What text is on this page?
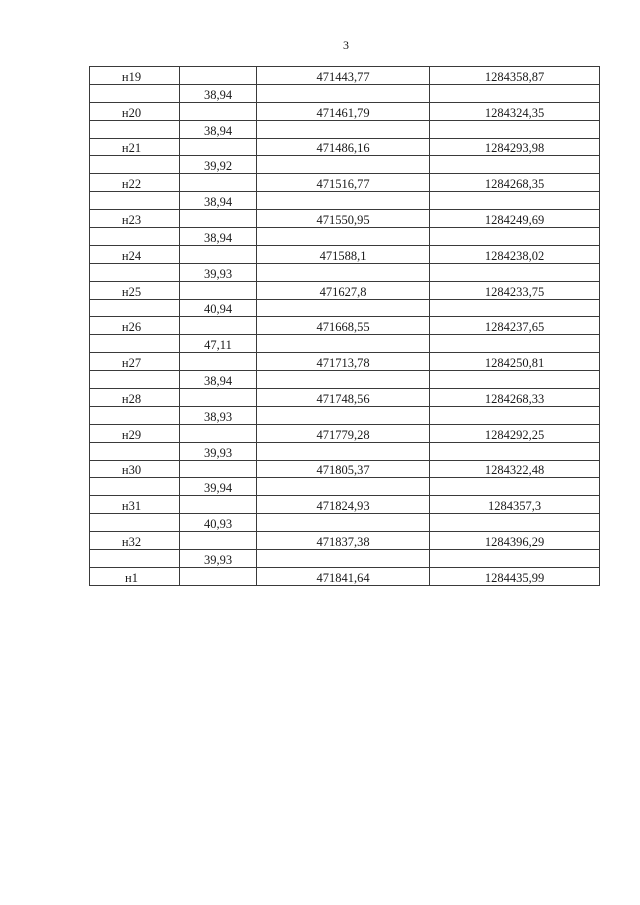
3
н19		471443,77	1284358,87
	38,94		
н20		471461,79	1284324,35
	38,94		
н21		471486,16	1284293,98
	39,92		
н22		471516,77	1284268,35
	38,94		
н23		471550,95	1284249,69
	38,94		
н24		471588,1	1284238,02
	39,93		
н25		471627,8	1284233,75
	40,94		
н26		471668,55	1284237,65
	47,11		
н27		471713,78	1284250,81
	38,94		
н28		471748,56	1284268,33
	38,93		
н29		471779,28	1284292,25
	39,93		
н30		471805,37	1284322,48
	39,94		
н31		471824,93	1284357,3
	40,93		
н32		471837,38	1284396,29
	39,93		
н1		471841,64	1284435,99
